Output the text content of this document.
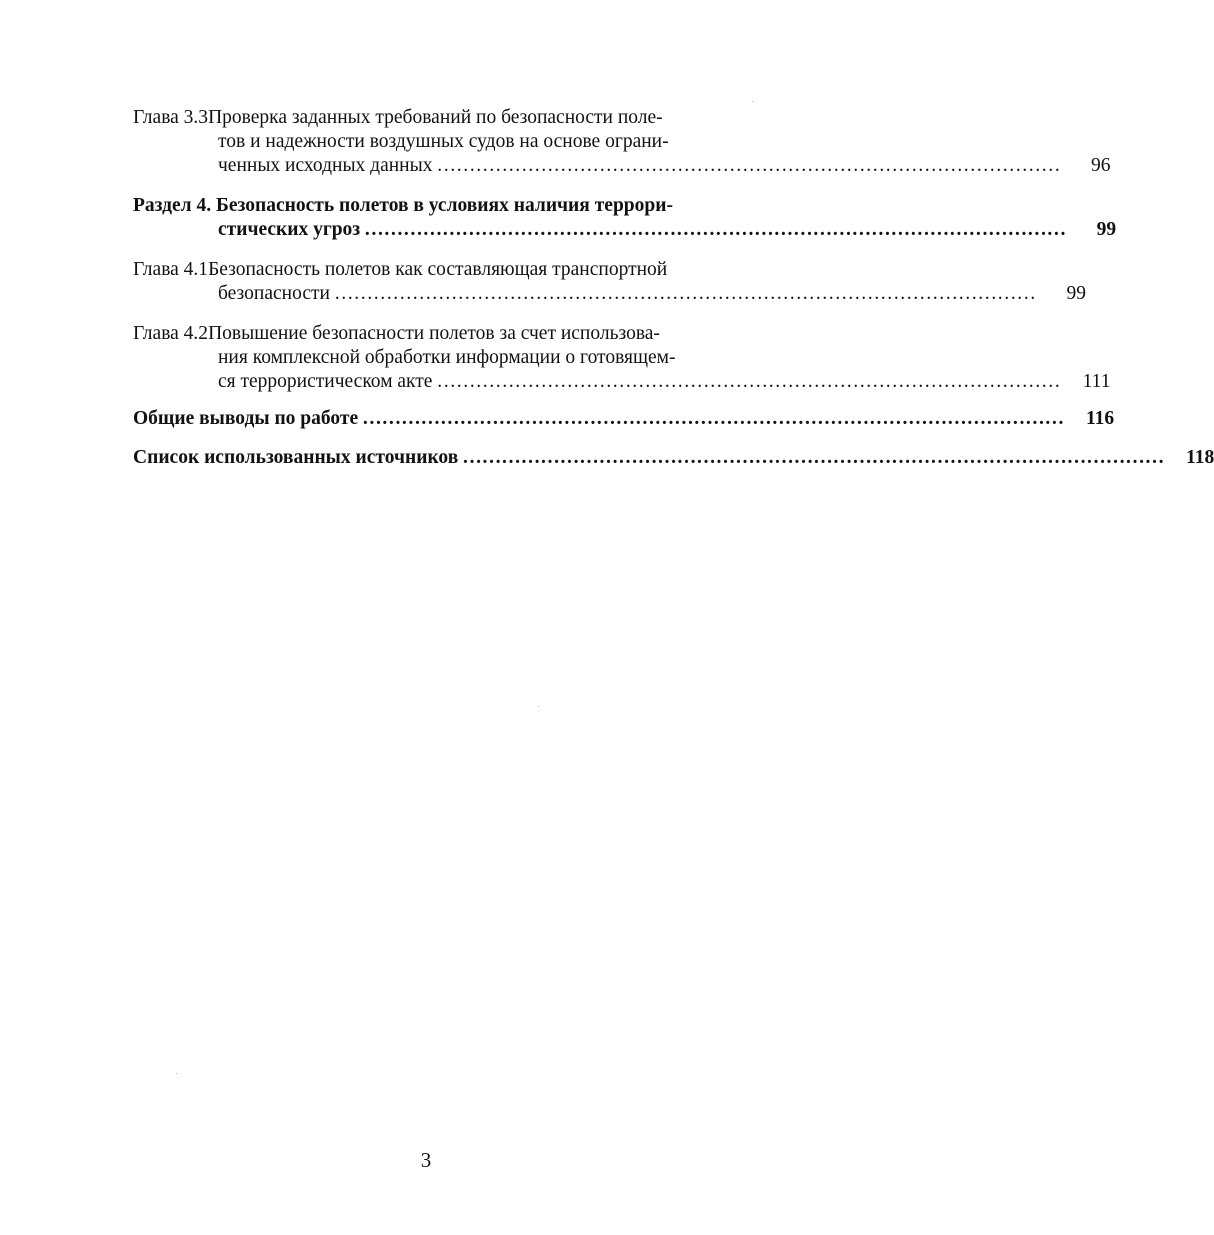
Глава 3.3 Проверка заданных требований по безопасности поле-
тов и надежности воздушных судов на основе ограни-
ченных исходных данных ……………………………………………………………………………………	96
Раздел 4. Безопасность полетов в условиях наличия террори-
стических угроз ………………………………………………………………………………………………	99
Глава 4.1 Безопасность полетов как составляющая транспортной
безопасности ………………………………………………………………………………………………	99
Глава 4.2 Повышение безопасности полетов за счет использова-
ния комплексной обработки информации о готовящем-
ся террористическом акте ……………………………………………………………………………………	111
Общие выводы по работе ………………………………………………………………………………………………	116
Список использованных источников ………………………………………………………………………………………………	118
3
